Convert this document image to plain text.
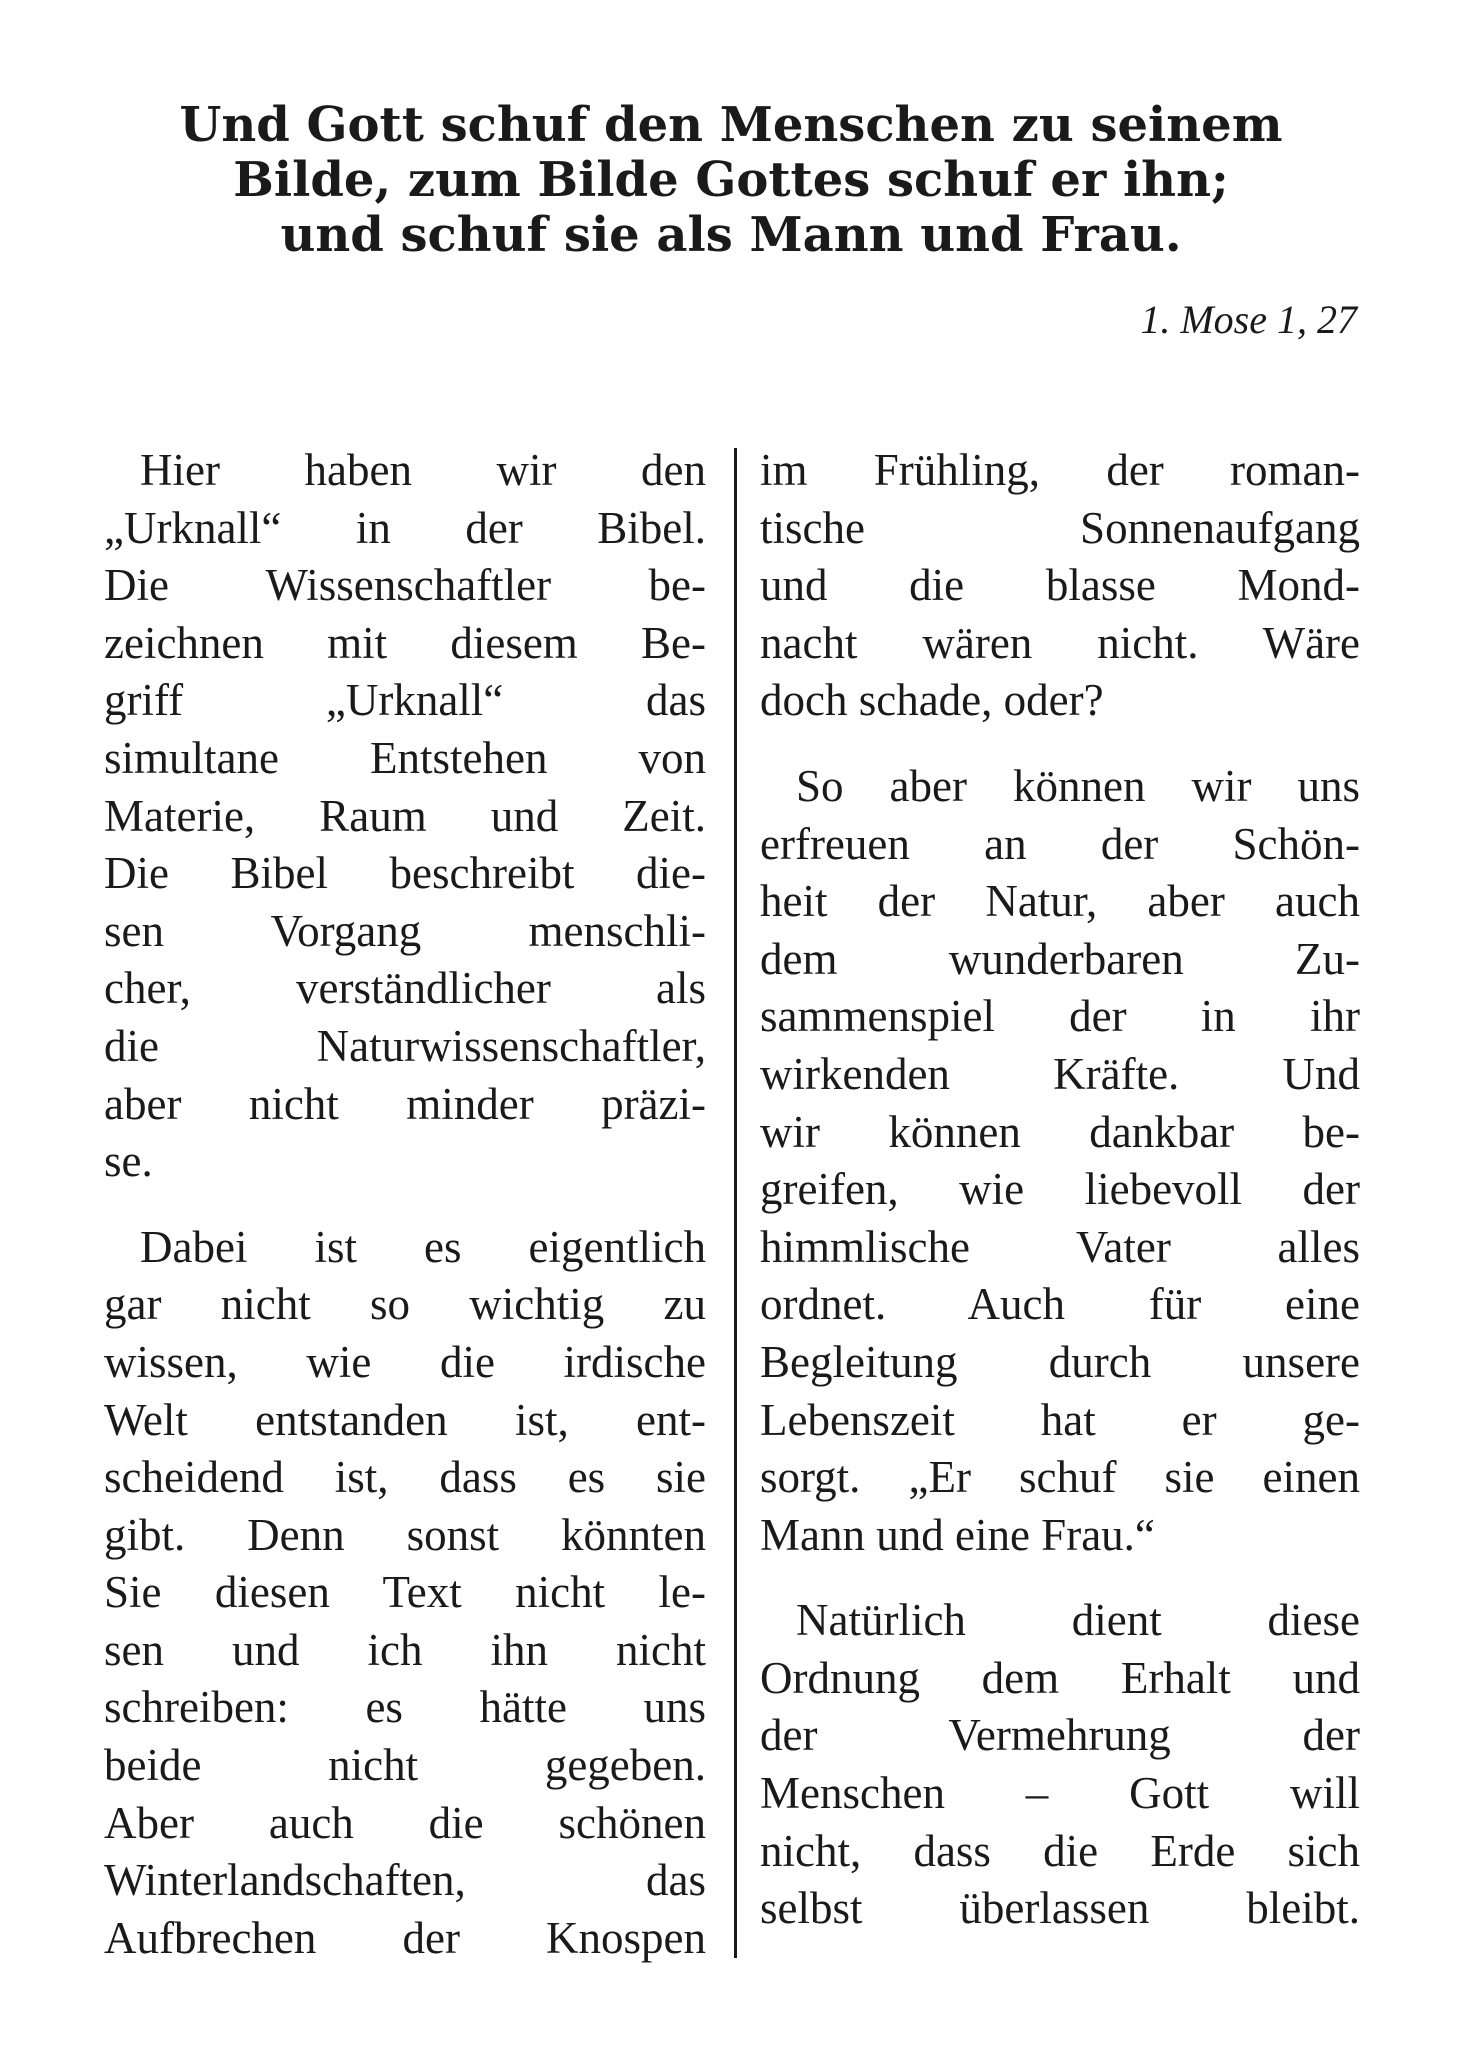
Und Gott schuf den Menschen zu seinem
Bilde, zum Bilde Gottes schuf er ihn;
und schuf sie als Mann und Frau.
1. Mose 1, 27
Hier haben wir den
„Urknall“ in der Bibel.
Die Wissenschaftler be-
zeichnen mit diesem Be-
griff „Urknall“ das
simultane Entstehen von
Materie, Raum und Zeit.
Die Bibel beschreibt die-
sen Vorgang menschli-
cher, verständlicher als
die Naturwissenschaftler,
aber nicht minder präzi-
se.
Dabei ist es eigentlich
gar nicht so wichtig zu
wissen, wie die irdische
Welt entstanden ist, ent-
scheidend ist, dass es sie
gibt. Denn sonst könnten
Sie diesen Text nicht le-
sen und ich ihn nicht
schreiben: es hätte uns
beide nicht gegeben.
Aber auch die schönen
Winterlandschaften, das
Aufbrechen der Knospen
im Frühling, der roman-
tische Sonnenaufgang
und die blasse Mond-
nacht wären nicht. Wäre
doch schade, oder?
So aber können wir uns
erfreuen an der Schön-
heit der Natur, aber auch
dem wunderbaren Zu-
sammenspiel der in ihr
wirkenden Kräfte. Und
wir können dankbar be-
greifen, wie liebevoll der
himmlische Vater alles
ordnet. Auch für eine
Begleitung durch unsere
Lebenszeit hat er ge-
sorgt. „Er schuf sie einen
Mann und eine Frau.“
Natürlich dient diese
Ordnung dem Erhalt und
der Vermehrung der
Menschen – Gott will
nicht, dass die Erde sich
selbst überlassen bleibt.
